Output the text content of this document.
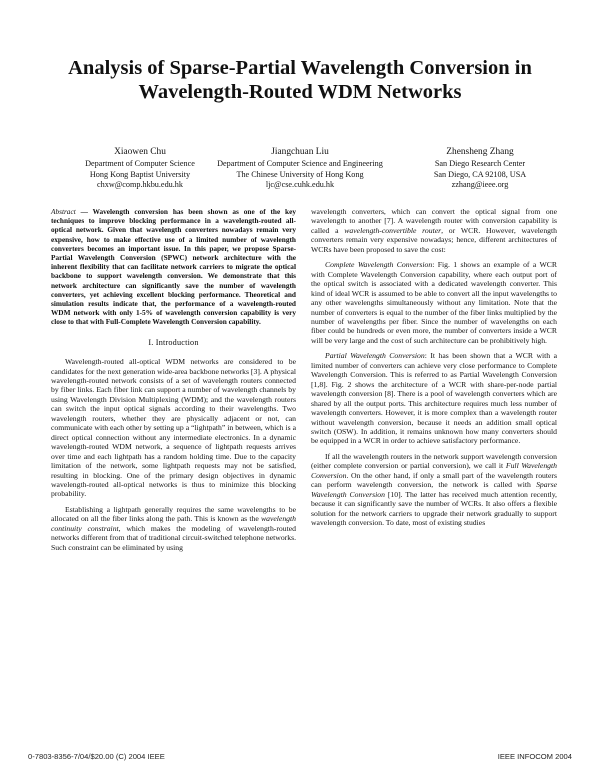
Analysis of Sparse-Partial Wavelength Conversion in Wavelength-Routed WDM Networks
Xiaowen Chu
Department of Computer Science
Hong Kong Baptist University
chxw@comp.hkbu.edu.hk
Jiangchuan Liu
Department of Computer Science and Engineering
The Chinese University of Hong Kong
ljc@cse.cuhk.edu.hk
Zhensheng Zhang
San Diego Research Center
San Diego, CA 92108, USA
zzhang@ieee.org
Abstract — Wavelength conversion has been shown as one of the key techniques to improve blocking performance in a wavelength-routed all-optical network. Given that wavelength converters nowadays remain very expensive, how to make effective use of a limited number of wavelength converters becomes an important issue. In this paper, we propose Sparse-Partial Wavelength Conversion (SPWC) network architecture with the inherent flexibility that can facilitate network carriers to migrate the optical backbone to support wavelength conversion. We demonstrate that this network architecture can significantly save the number of wavelength converters, yet achieving excellent blocking performance. Theoretical and simulation results indicate that, the performance of a wavelength-routed WDM network with only 1-5% of wavelength conversion capability is very close to that with Full-Complete Wavelength Conversion capability.
I. Introduction

Wavelength-routed all-optical WDM networks are considered to be candidates for the next generation wide-area backbone networks [3]. A physical wavelength-routed network consists of a set of wavelength routers connected by fiber links. Each fiber link can support a number of wavelength channels by using Wavelength Division Multiplexing (WDM); and the wavelength routers can switch the input optical signals according to their wavelengths. Two wavelength routers, whether they are physically adjacent or not, can communicate with each other by setting up a “lightpath” in between, which is a direct optical connection without any intermediate electronics. In a dynamic wavelength-routed WDM network, a sequence of lightpath requests arrives over time and each lightpath has a random holding time. Due to the capacity limitation of the network, some lightpath requests may not be satisfied, resulting in blocking. One of the primary design objectives in dynamic wavelength-routed all-optical networks is thus to minimize this blocking probability.

Establishing a lightpath generally requires the same wavelengths to be allocated on all the fiber links along the path. This is known as the wavelength continuity constraint, which makes the modeling of wavelength-routed networks different from that of traditional circuit-switched telephone networks. Such constraint can be eliminated by using

wavelength converters, which can convert the optical signal from one wavelength to another [7]. A wavelength router with conversion capability is called a wavelength-convertible router, or WCR. However, wavelength converters remain very expensive nowadays; hence, different architectures of WCRs have been proposed to save the cost:

Complete Wavelength Conversion: Fig. 1 shows an example of a WCR with Complete Wavelength Conversion capability, where each output port of the optical switch is associated with a dedicated wavelength converter. This kind of ideal WCR is assumed to be able to convert all the input wavelengths to any other wavelengths simultaneously without any limitation. Note that the number of converters is equal to the number of the fiber links multiplied by the number of wavelengths per fiber. Since the number of wavelengths on each fiber could be hundreds or even more, the number of converters inside a WCR will be very large and the cost of such architecture can be prohibitively high.

Partial Wavelength Conversion: It has been shown that a WCR with a limited number of converters can achieve very close performance to Complete Wavelength Conversion. This is referred to as Partial Wavelength Conversion [1,8]. Fig. 2 shows the architecture of a WCR with share-per-node partial wavelength conversion [8]. There is a pool of wavelength converters which are shared by all the output ports. This architecture requires much less number of wavelength converters. However, it is more complex than a wavelength router without wavelength conversion, because it needs an addition small optical switch (OSW). In addition, it remains unknown how many converters should be equipped in a WCR in order to achieve satisfactory performance.

If all the wavelength routers in the network support wavelength conversion (either complete conversion or partial conversion), we call it Full Wavelength Conversion. On the other hand, if only a small part of the wavelength routers can perform wavelength conversion, the network is called with Sparse Wavelength Conversion [10]. The latter has received much attention recently, because it can significantly save the number of WCRs. It also offers a flexible solution for the network carriers to upgrade their network gradually to support wavelength conversion. To date, most of existing studies

0-7803-8356-7/04/$20.00 (C) 2004 IEEE	IEEE INFOCOM 2004
